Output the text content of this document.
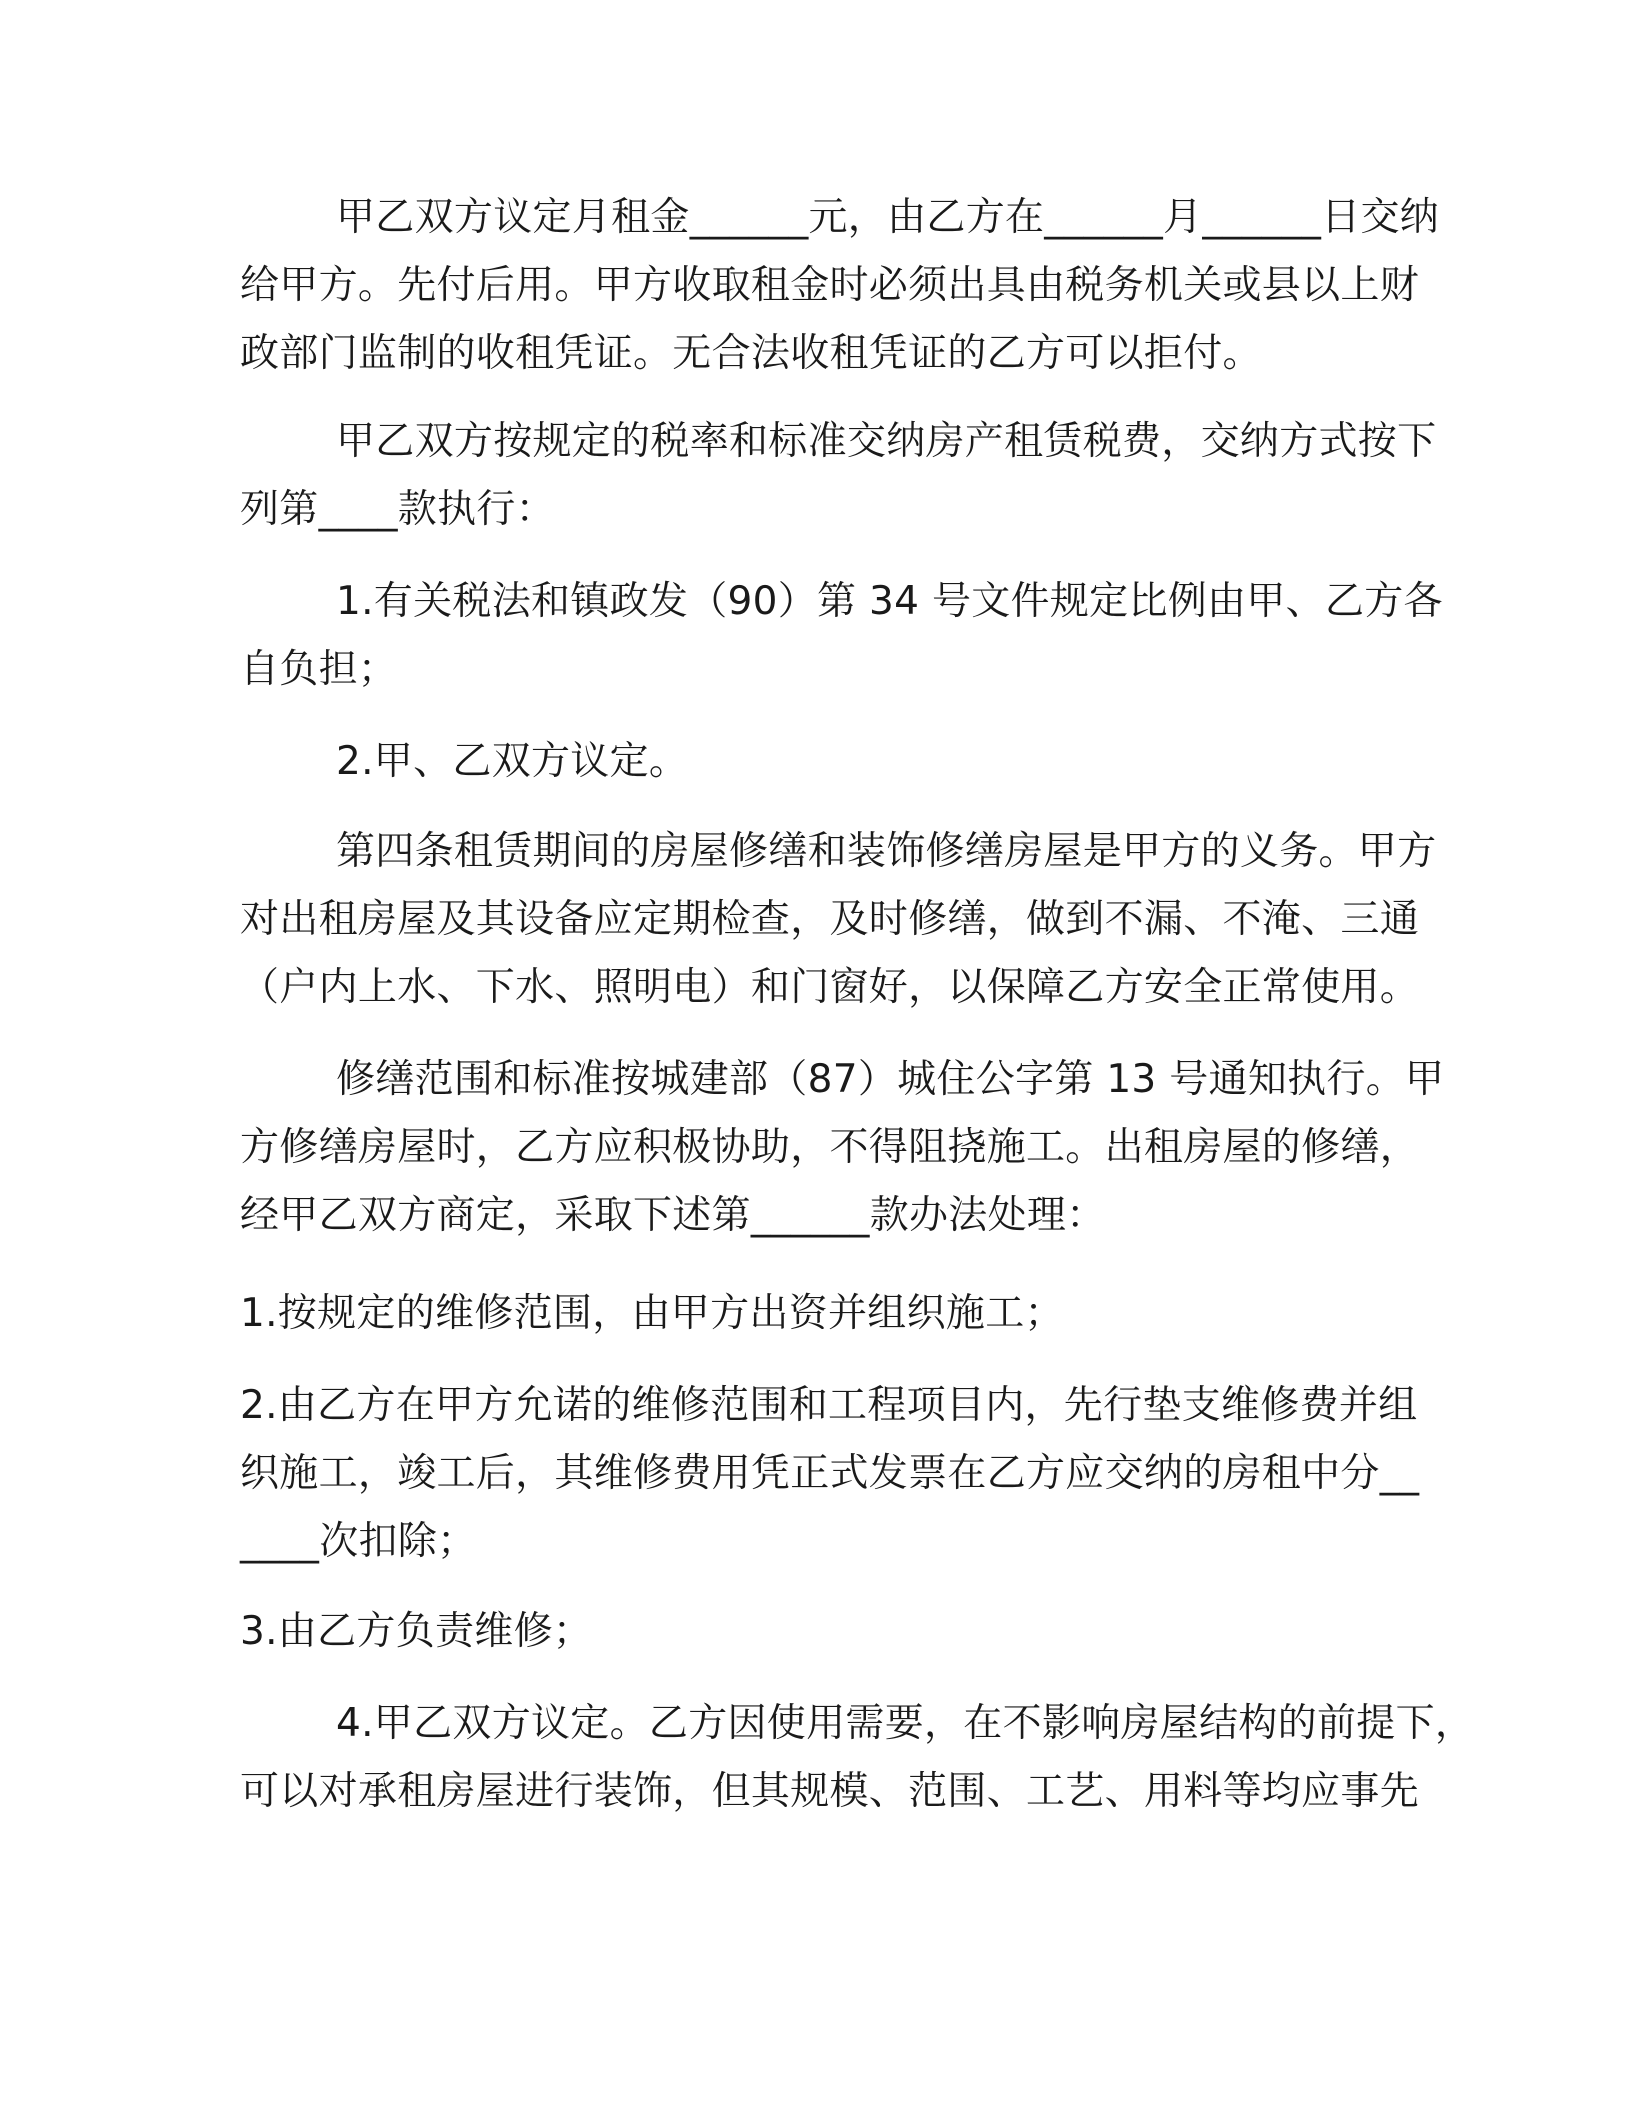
甲乙双方议定月租金______元，由乙方在______月______日交纳

给甲方。先付后用。甲方收取租金时必须出具由税务机关或县以上财

政部门监制的收租凭证。无合法收租凭证的乙方可以拒付。

甲乙双方按规定的税率和标准交纳房产租赁税费，交纳方式按下

列第____款执行：

1.有关税法和镇政发（90）第 34 号文件规定比例由甲、乙方各

自负担；

2.甲、乙双方议定。

第四条租赁期间的房屋修缮和装饰修缮房屋是甲方的义务。甲方

对出租房屋及其设备应定期检查，及时修缮，做到不漏、不淹、三通

（户内上水、下水、照明电）和门窗好，以保障乙方安全正常使用。

修缮范围和标准按城建部（87）城住公字第 13 号通知执行。甲

方修缮房屋时，乙方应积极协助，不得阻挠施工。出租房屋的修缮，

经甲乙双方商定，采取下述第______款办法处理：

1.按规定的维修范围，由甲方出资并组织施工；

2.由乙方在甲方允诺的维修范围和工程项目内，先行垫支维修费并组

织施工，竣工后，其维修费用凭正式发票在乙方应交纳的房租中分__

____次扣除；

3.由乙方负责维修；

4.甲乙双方议定。乙方因使用需要，在不影响房屋结构的前提下，

可以对承租房屋进行装饰，但其规模、范围、工艺、用料等均应事先
